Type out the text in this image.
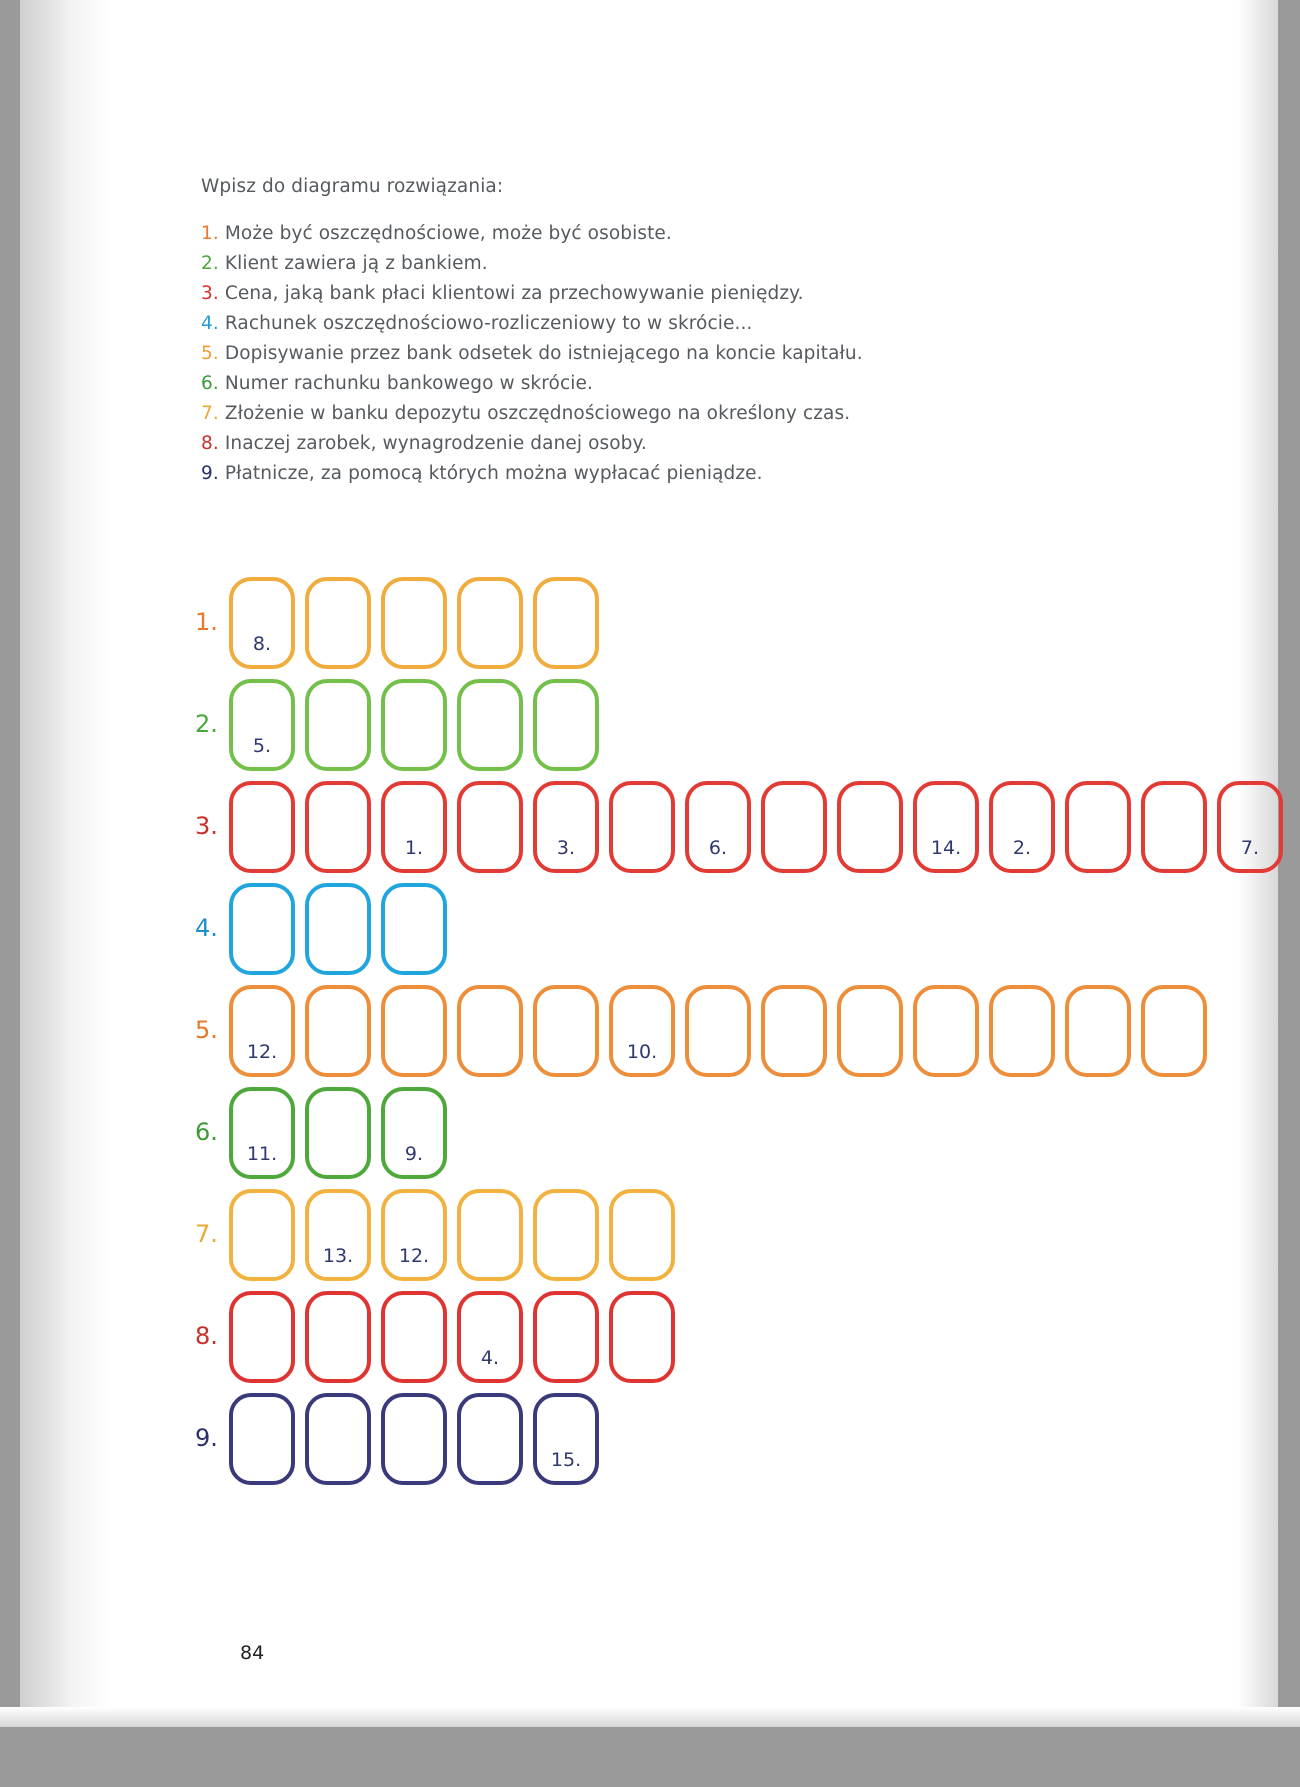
Wpisz do diagramu rozwiązania:
1. Może być oszczędnościowe, może być osobiste.
2. Klient zawiera ją z bankiem.
3. Cena, jaką bank płaci klientowi za przechowywanie pieniędzy.
4. Rachunek oszczędnościowo-rozliczeniowy to w skrócie...
5. Dopisywanie przez bank odsetek do istniejącego na koncie kapitału.
6. Numer rachunku bankowego w skrócie.
7. Złożenie w banku depozytu oszczędnościowego na określony czas.
8. Inaczej zarobek, wynagrodzenie danej osoby.
9. Płatnicze, za pomocą których można wypłacać pieniądze.
1.
8.
2.
5.
3.
1.	3.	6.	14.	2.	7.
4.
5.
12.	10.
6.
11.	9.
7.
13.	12.
8.
4.
9.
15.
84
